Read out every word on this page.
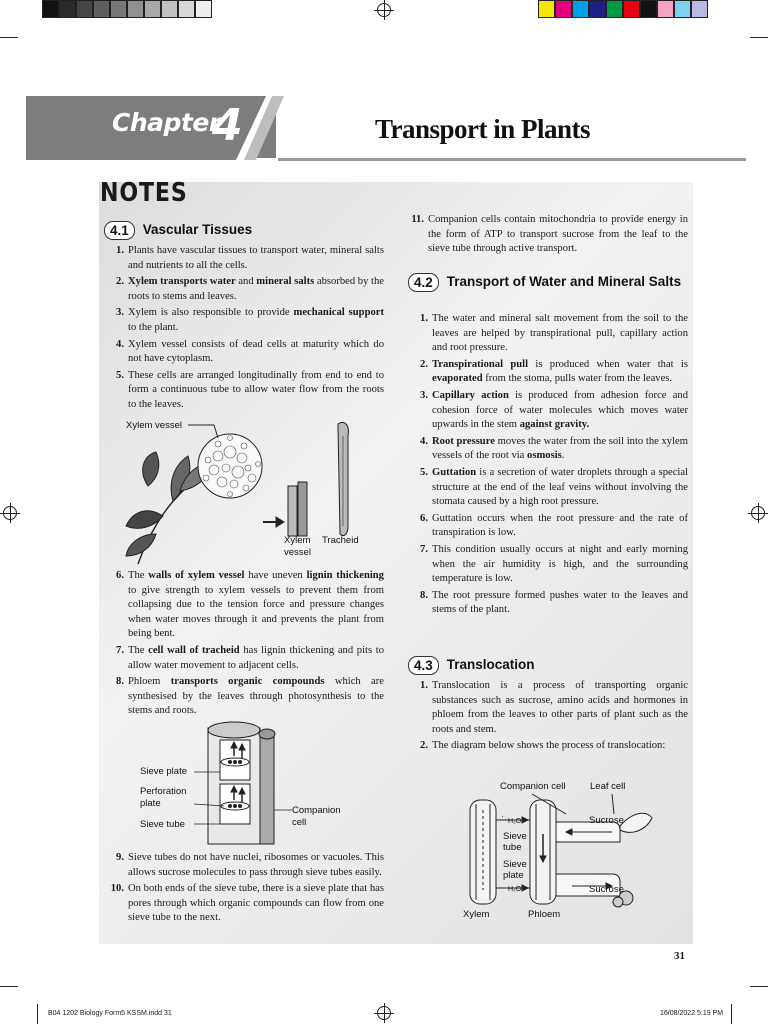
Chapter
4	Transport in Plants
NOTES
4.1	Vascular Tissues
1. Plants have vascular tissues to transport water, mineral salts and nutrients to all the cells.
2. Xylem transports water and mineral salts absorbed by the roots to stems and leaves.
3. Xylem is also responsible to provide mechanical support to the plant.
4. Xylem vessel consists of dead cells at maturity which do not have cytoplasm.
5. These cells are arranged longitudinally from end to end to form a continuous tube to allow water flow from the roots to the leaves.
Xylem vessel
Xylem
vessel
Tracheid
6. The walls of xylem vessel have uneven lignin thickening to give strength to xylem vessels to prevent them from collapsing due to the tension force and pressure changes when water moves through it and prevents the plant from being bent.
7. The cell wall of tracheid has lignin thickening and pits to allow water movement to adjacent cells.
8. Phloem transports organic compounds which are synthesised by the leaves through photosynthesis to the stems and roots.
Sieve plate
Perforation
plate
Sieve tube
Companion
cell
9. Sieve tubes do not have nuclei, ribosomes or vacuoles. This allows sucrose molecules to pass through sieve tubes easily.
10. On both ends of the sieve tube, there is a sieve plate that has pores through which organic compounds can flow from one sieve tube to the next.
11. Companion cells contain mitochondria to provide energy in the form of ATP to transport sucrose from the leaf to the sieve tube through active transport.
4.2	Transport of Water and Mineral Salts
1. The water and mineral salt movement from the soil to the leaves are helped by transpirational pull, capillary action and root pressure.
2. Transpirational pull is produced when water that is evaporated from the stoma, pulls water from the leaves.
3. Capillary action is produced from adhesion force and cohesion force of water molecules which moves water upwards in the stem against gravity.
4. Root pressure moves the water from the soil into the xylem vessels of the root via osmosis.
5. Guttation is a secretion of water droplets through a special structure at the end of the leaf veins without involving the stomata caused by a high root pressure.
6. Guttation occurs when the root pressure and the rate of transpiration is low.
7. This condition usually occurs at night and early morning when the air humidity is high, and the surrounding temperature is low.
8. The root pressure formed pushes water to the leaves and stems of the plant.
4.3	Translocation
1. Translocation is a process of transporting organic substances such as sucrose, amino acids and hormones in phloem from the leaves to other parts of plant such as the roots and stem.
2. The diagram below shows the process of translocation:
Companion cell	Leaf cell
Sucrose
Sucrose
Sieve
tube
Sieve
plate
H₂O
H₂O
Xylem	Phloem
31
B04 1202 Biology Form5 KSSM.indd 31	16/08/2022 5:19 PM
